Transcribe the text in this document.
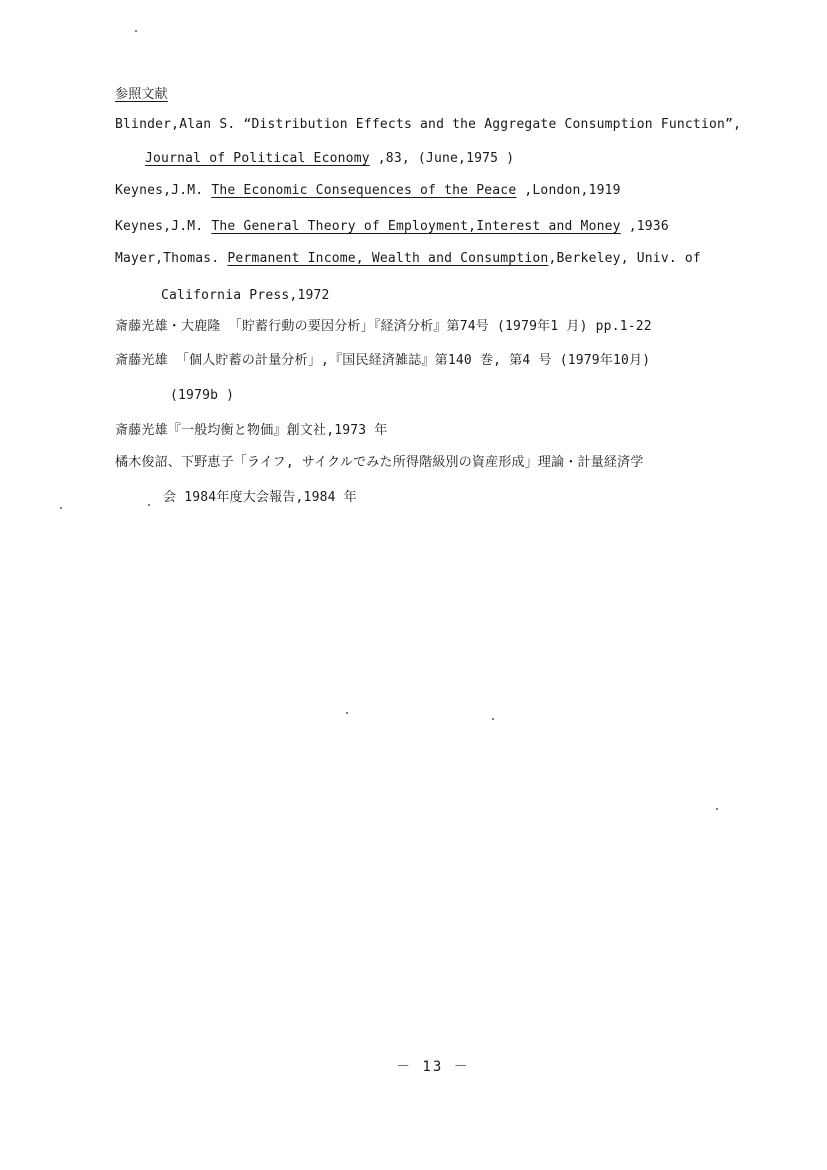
参照文献
Blinder,Alan S. “Distribution Effects and the Aggregate Consumption Function”,
Journal of Political Economy ,83, (June,1975 )
Keynes,J.M. The Economic Consequences of the Peace ,London,1919
Keynes,J.M. The General Theory of Employment,Interest and Money ,1936
Mayer,Thomas. Permanent Income, Wealth and Consumption,Berkeley, Univ. of
California Press,1972
斎藤光雄・大鹿隆 「貯蓄行動の要因分析」『経済分析』第74号 (1979年1 月) pp.1-22
斎藤光雄 「個人貯蓄の計量分析」,『国民経済雑誌』第140 巻, 第4 号 (1979年10月)
(1979b )
斎藤光雄『一般均衡と物価』創文社,1973 年
橘木俊詔、下野恵子「ライフ, サイクルでみた所得階級別の資産形成」理論・計量経済学
会 1984年度大会報告,1984 年
－ 13 －
